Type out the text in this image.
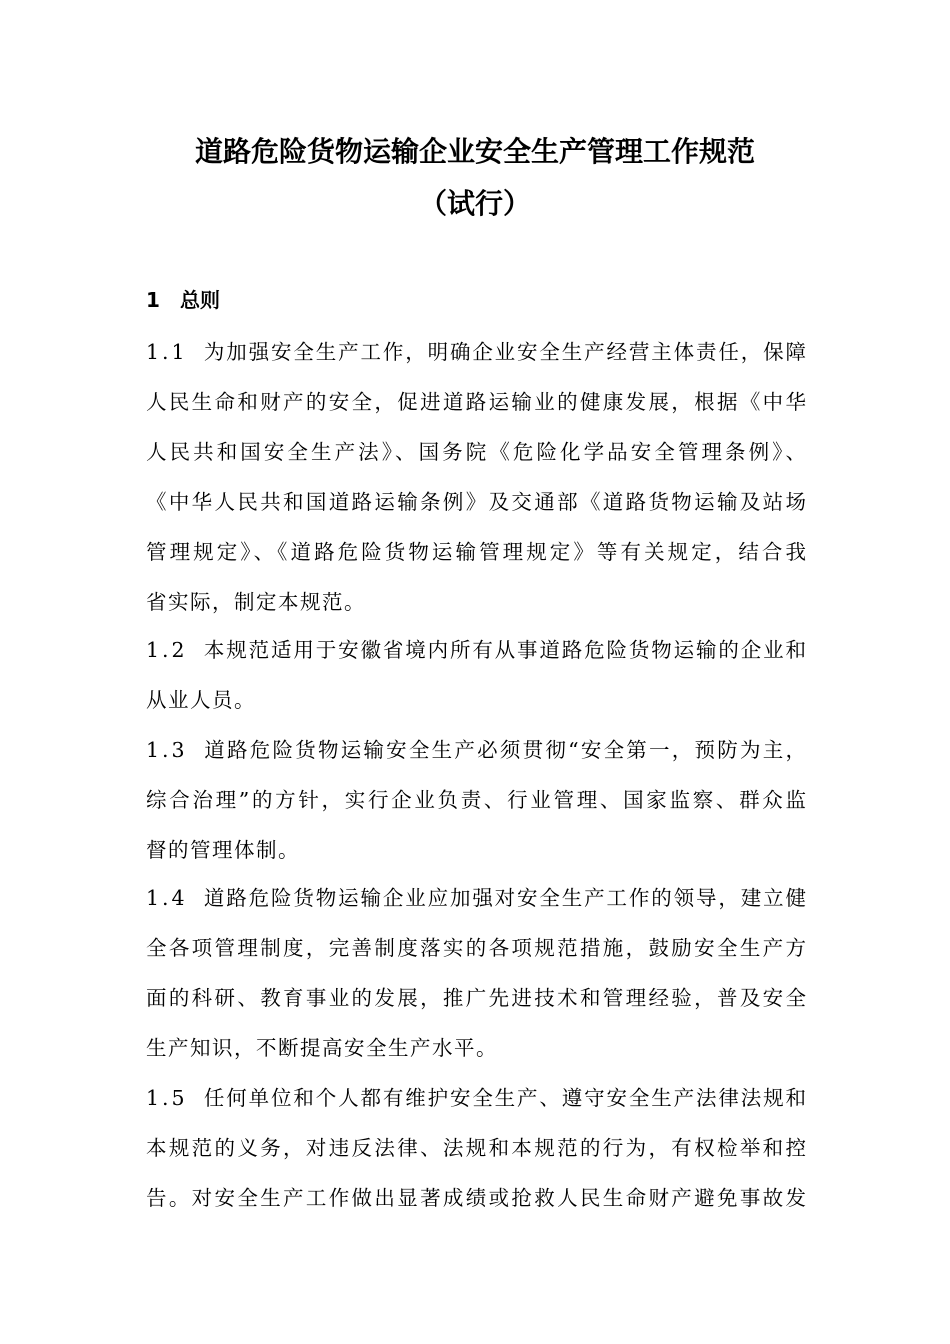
道路危险货物运输企业安全生产管理工作规范
（试行）
1 总则
1.1 为加强安全生产工作，明确企业安全生产经营主体责任，保障
人民生命和财产的安全，促进道路运输业的健康发展，根据《中华
人民共和国安全生产法》、国务院《危险化学品安全管理条例》、
《中华人民共和国道路运输条例》及交通部《道路货物运输及站场
管理规定》、《道路危险货物运输管理规定》等有关规定，结合我
省实际，制定本规范。
1.2 本规范适用于安徽省境内所有从事道路危险货物运输的企业和
从业人员。
1.3 道路危险货物运输安全生产必须贯彻“安全第一，预防为主，
综合治理”的方针，实行企业负责、行业管理、国家监察、群众监
督的管理体制。
1.4 道路危险货物运输企业应加强对安全生产工作的领导，建立健
全各项管理制度，完善制度落实的各项规范措施，鼓励安全生产方
面的科研、教育事业的发展，推广先进技术和管理经验，普及安全
生产知识，不断提高安全生产水平。
1.5 任何单位和个人都有维护安全生产、遵守安全生产法律法规和
本规范的义务，对违反法律、法规和本规范的行为，有权检举和控
告。对安全生产工作做出显著成绩或抢救人民生命财产避免事故发
